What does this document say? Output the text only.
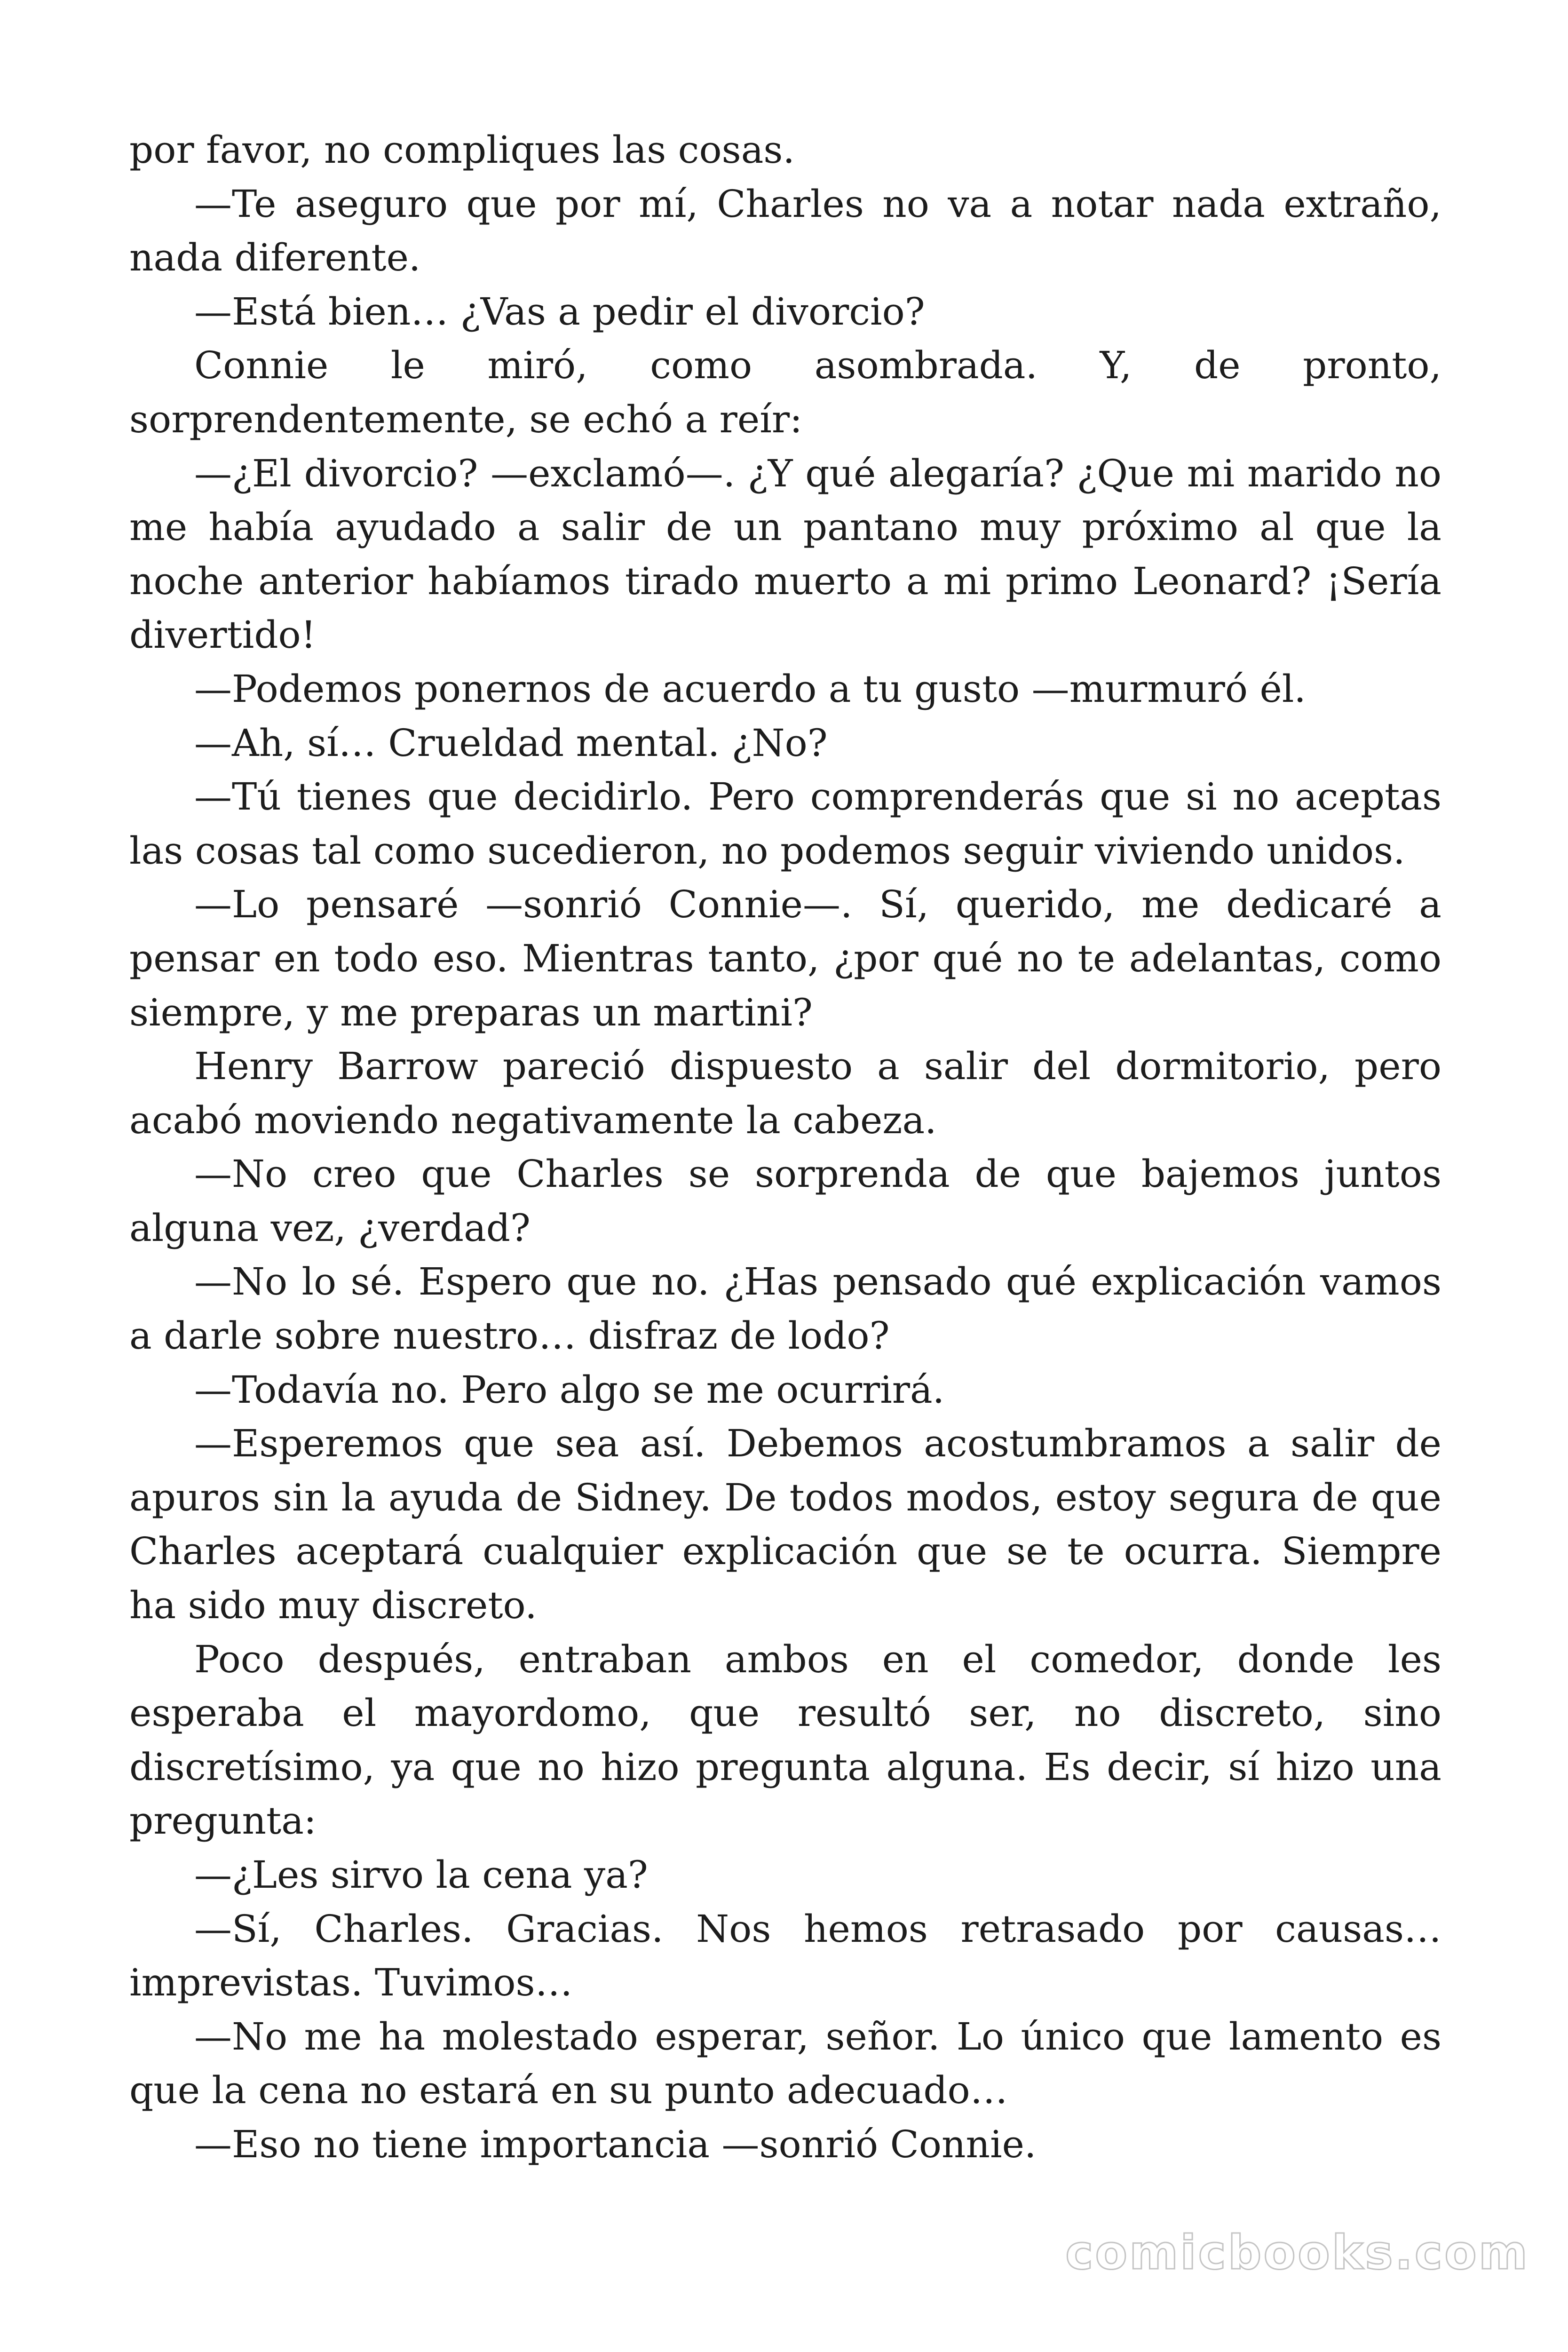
por favor, no compliques las cosas.

—Te aseguro que por mí, Charles no va a notar nada extraño, nada diferente.

—Está bien… ¿Vas a pedir el divorcio?

Connie le miró, como asombrada. Y, de pronto, sorprendentemente, se echó a reír:

—¿El divorcio? —exclamó—. ¿Y qué alegaría? ¿Que mi marido no me había ayudado a salir de un pantano muy próximo al que la noche anterior habíamos tirado muerto a mi primo Leonard? ¡Sería divertido!

—Podemos ponernos de acuerdo a tu gusto —murmuró él.

—Ah, sí… Crueldad mental. ¿No?

—Tú tienes que decidirlo. Pero comprenderás que si no aceptas las cosas tal como sucedieron, no podemos seguir viviendo unidos.

—Lo pensaré —sonrió Connie—. Sí, querido, me dedicaré a pensar en todo eso. Mientras tanto, ¿por qué no te adelantas, como siempre, y me preparas un martini?

Henry Barrow pareció dispuesto a salir del dormitorio, pero acabó moviendo negativamente la cabeza.

—No creo que Charles se sorprenda de que bajemos juntos alguna vez, ¿verdad?

—No lo sé. Espero que no. ¿Has pensado qué explicación vamos a darle sobre nuestro… disfraz de lodo?

—Todavía no. Pero algo se me ocurrirá.

—Esperemos que sea así. Debemos acostumbramos a salir de apuros sin la ayuda de Sidney. De todos modos, estoy segura de que Charles aceptará cualquier explicación que se te ocurra. Siempre ha sido muy discreto.

Poco después, entraban ambos en el comedor, donde les esperaba el mayordomo, que resultó ser, no discreto, sino discretísimo, ya que no hizo pregunta alguna. Es decir, sí hizo una pregunta:

—¿Les sirvo la cena ya?

—Sí, Charles. Gracias. Nos hemos retrasado por causas… imprevistas. Tuvimos…

—No me ha molestado esperar, señor. Lo único que lamento es que la cena no estará en su punto adecuado…

—Eso no tiene importancia —sonrió Connie.

comicbooks.com
